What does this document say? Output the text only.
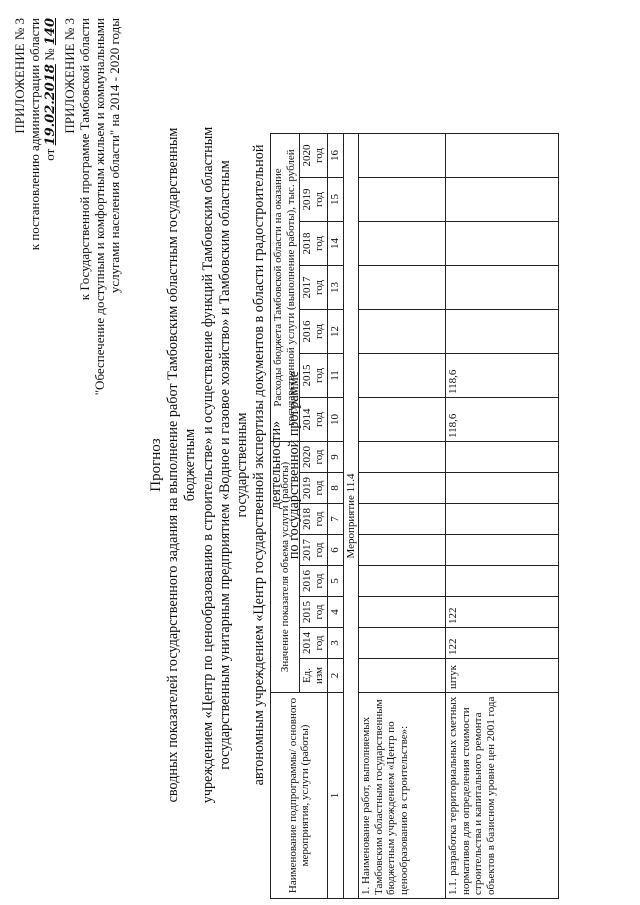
ПРИЛОЖЕНИЕ № 3 к постановлению администрации области от 19.02.2018 № 140 ПРИЛОЖЕНИЕ № 3 к Государственной программе Тамбовской области "Обеспечение доступным и комфортным жильем и коммунальными услугами населения области" на 2014 - 2020 годы
Прогноз сводных показателей государственного задания на выполнение работ Тамбовским областным государственным бюджетным учреждением «Центр по ценообразованию в строительстве» и осуществление функций Тамбовским областным государственным унитарным предприятием «Водное и газовое хозяйство» и Тамбовским областным государственным автономным учреждением «Центр государственной экспертизы документов в области градостроительной деятельности» по государственной программе
Наименование подпрограммы/ основного мероприятия, услуги (работы)	Значение показателя объема услуги (работы)								Расходы бюджета Тамбовской области на оказание государственной услуги (выполнение работы), тыс. рублей						
	Ед. изм	2014 год	2015 год	2016 год	2017 год	2018 год	2019 год	2020 год	2014 год	2015 год	2016 год	2017 год	2018 год	2019 год	2020 год
1	2	3	4	5	6	7	8	9	10	11	12	13	14	15	16
Мероприятие 11.4															
1. Наименование работ, выполняемых Тамбовским областным государственным бюджетным учреждением «Центр по ценообразованию в строительстве»:															
1.1. разработка территориальных сметных нормативов для определения стоимости строительства и капитального ремонта объектов в базисном уровне цен 2001 года	штук	122	122						118,6	118,6					
